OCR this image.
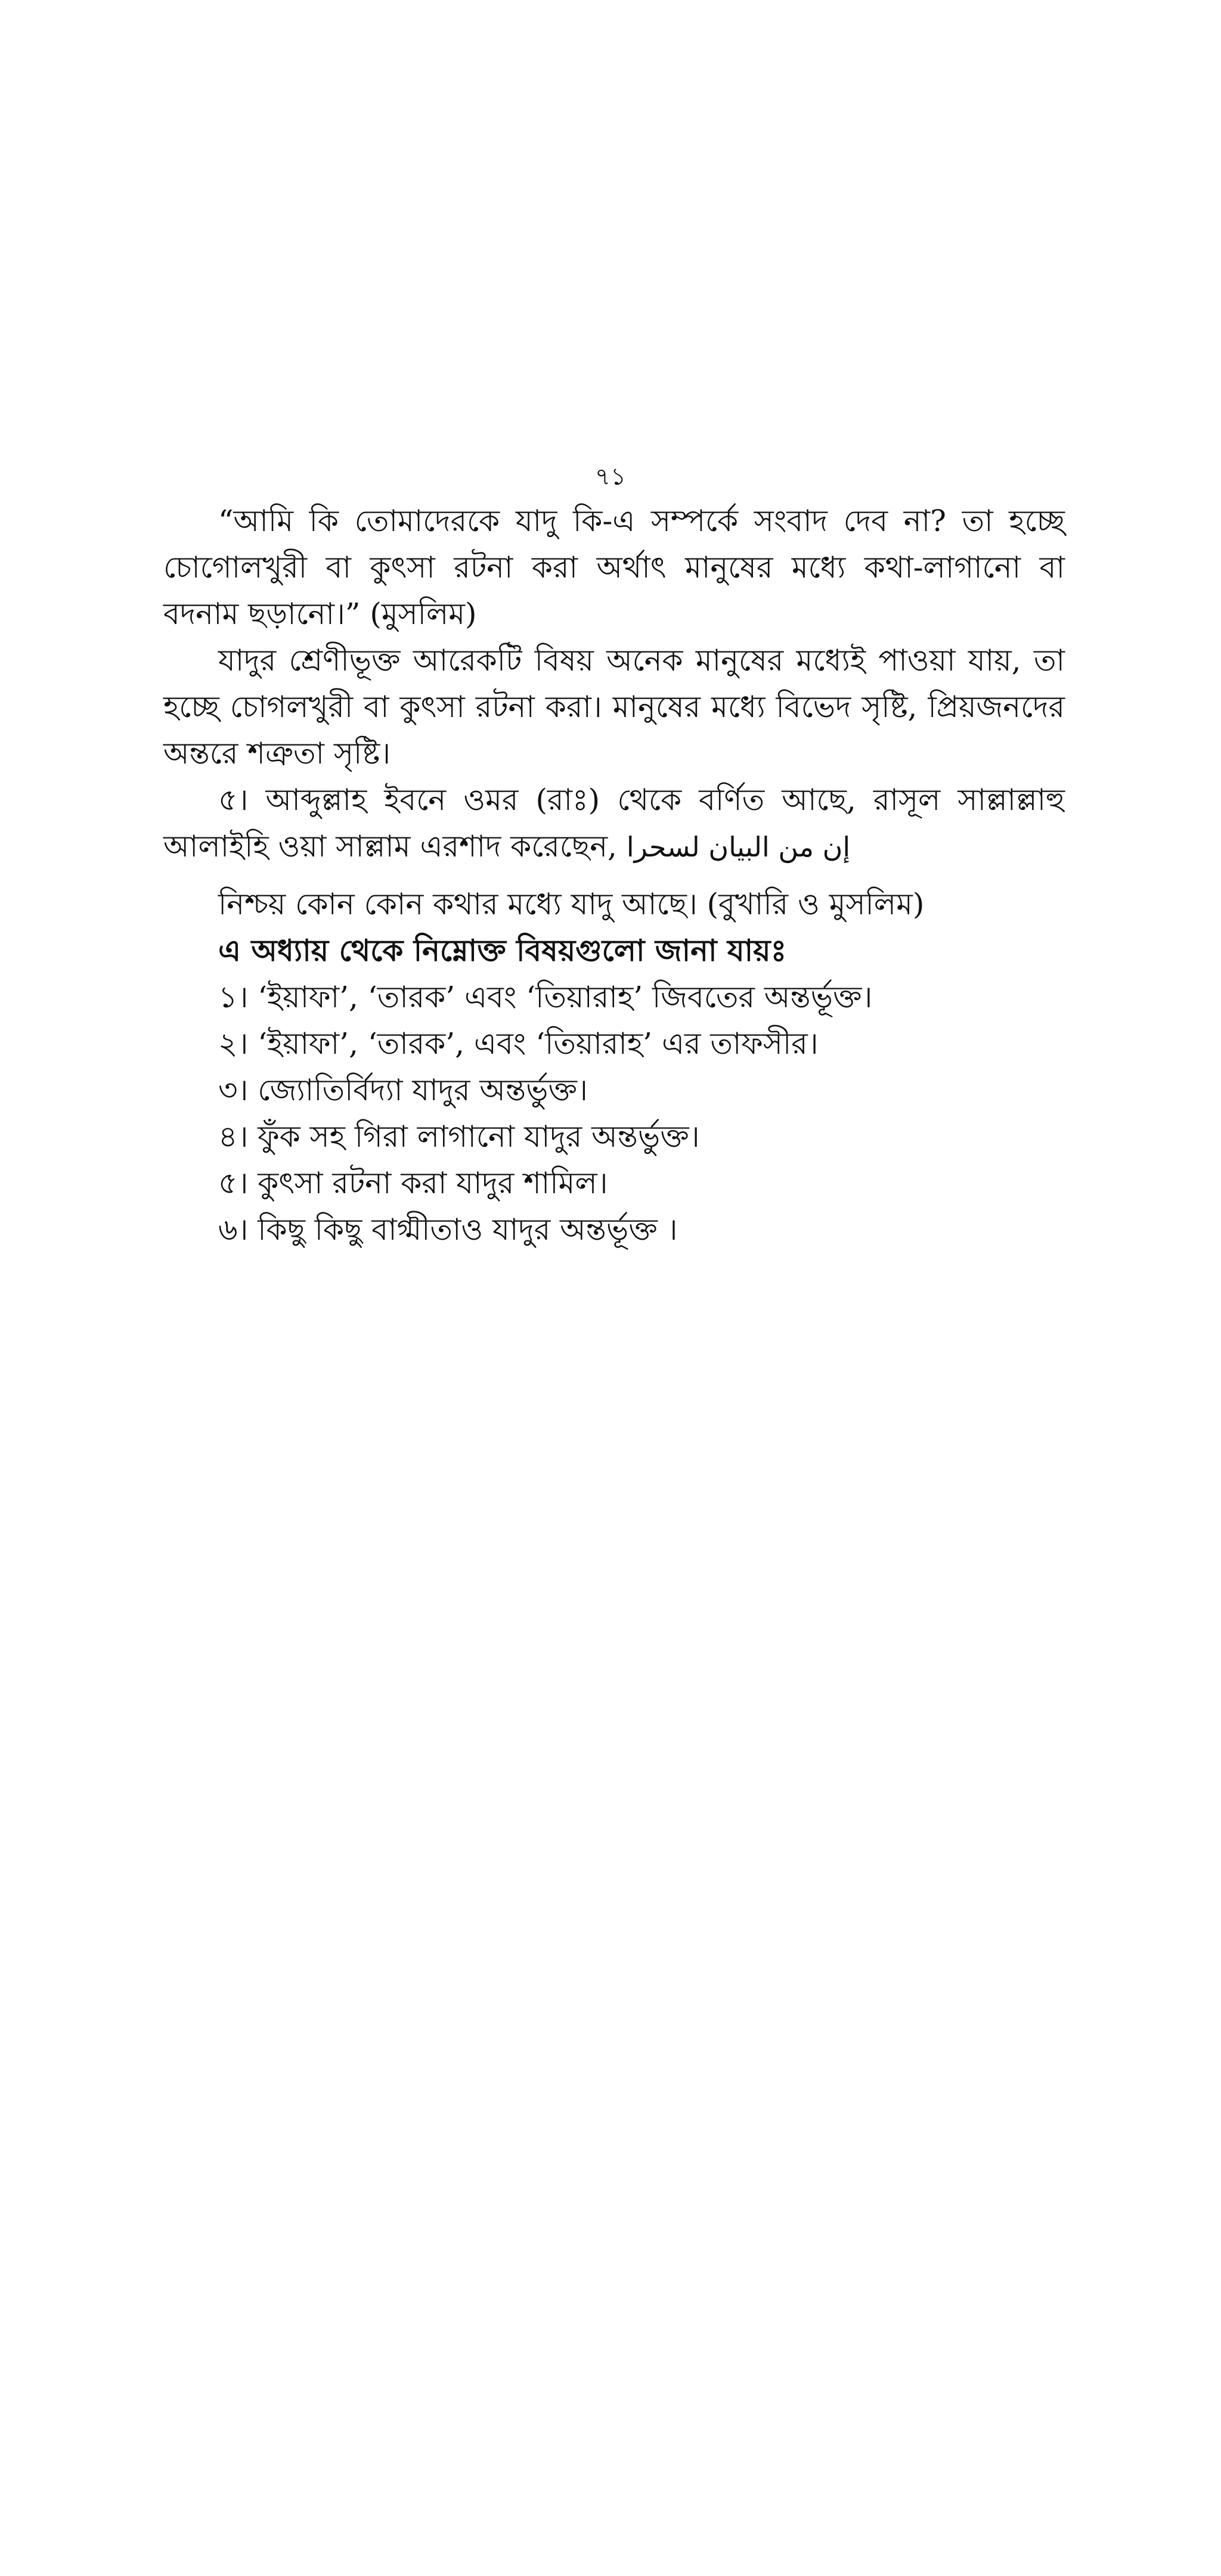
৭১

“আমি কি তোমাদেরকে যাদু কি-এ সম্পর্কে সংবাদ দেব না? তা হচ্ছে চোগোলখুরী বা কুৎসা রটনা করা অর্থাৎ মানুষের মধ্যে কথা-লাগানো বা বদনাম ছড়ানো।” (মুসলিম)

যাদুর শ্রেণীভূক্ত আরেকটি বিষয় অনেক মানুষের মধ্যেই পাওয়া যায়, তা হচ্ছে চোগলখুরী বা কুৎসা রটনা করা। মানুষের মধ্যে বিভেদ সৃষ্টি, প্রিয়জনদের অন্তরে শত্রুতা সৃষ্টি।

৫। আব্দুল্লাহ ইবনে ওমর (রাঃ) থেকে বর্ণিত আছে, রাসূল সাল্লাল্লাহু আলাইহি ওয়া সাল্লাম এরশাদ করেছেন, إن من البيان لسحرا

নিশ্চয় কোন কোন কথার মধ্যে যাদু আছে। (বুখারি ও মুসলিম)

এ অধ্যায় থেকে নিম্নোক্ত বিষয়গুলো জানা যায়ঃ

১। ‘ইয়াফা’, ‘তারক’ এবং ‘তিয়ারাহ’ জিবতের অন্তর্ভূক্ত।
২। ‘ইয়াফা’, ‘তারক’, এবং ‘তিয়ারাহ’ এর তাফসীর।
৩। জ্যোতির্বিদ্যা যাদুর অন্তর্ভুক্ত।
৪। ফুঁক সহ গিরা লাগানো যাদুর অন্তর্ভুক্ত।
৫। কুৎসা রটনা করা যাদুর শামিল।
৬। কিছু কিছু বাগ্মীতাও যাদুর অন্তর্ভূক্ত ।
